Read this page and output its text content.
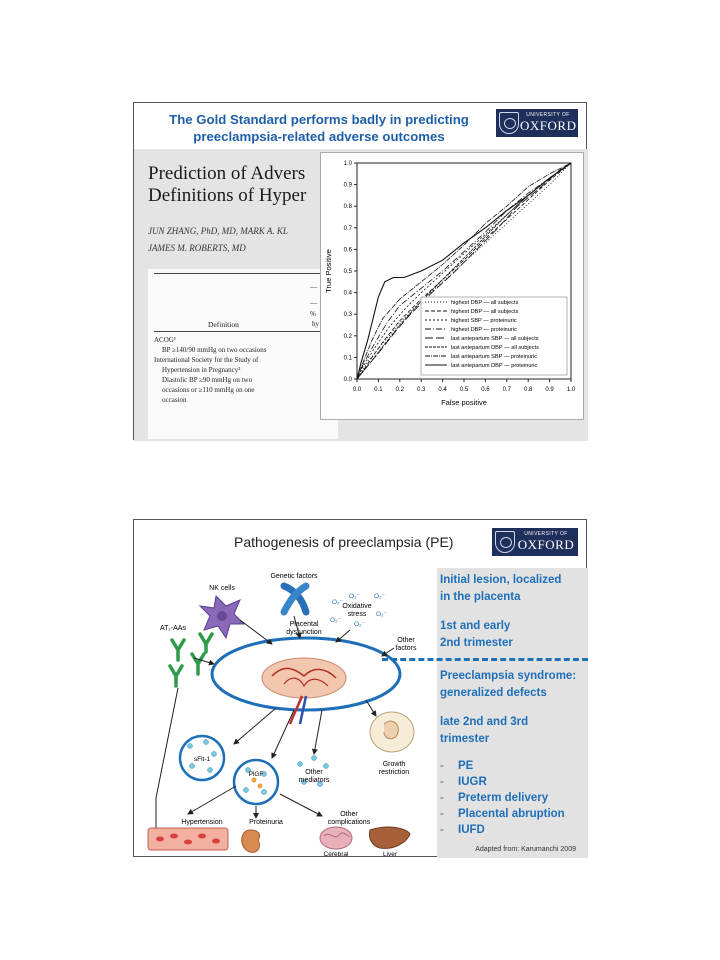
The Gold Standard performs badly in predicting
preeclampsia-related adverse outcomes
UNIVERSITY OF
OXFORD
Prediction of Advers
Definitions of Hyper
JUN ZHANG, PhD, MD, MARK A. KL
JAMES M. ROBERTS, MD
—
—
%
hy
Definition
ACOG¹
BP ≥140/90 mmHg on two occasions
International Society for the Study of
Hypertension in Pregnancy²
Diastolic BP ≥90 mmHg on two
occasions or ≥110 mmHg on one
occasion
0.0 0.1 0.2 0.3 0.4 0.5 0.6 0.7 0.8 0.9 1.0
0.0
0.1
0.2
0.3
0.4
0.5
0.6
0.7
0.8
0.9
1.0
False positive
True Positive
highest DBP — all subjects
highest DBP — all subjects
highest SBP — proteinuric
highest DBP — proteinuric
last antepartum SBP — all subjects
last antepartum DBP — all subjects
last antepartum SBP — proteinuric
last antepartum DBP — proteinuric
Pathogenesis of preeclampsia (PE)	UNIVERSITY OF
OXFORD
Genetic factors
NK cells
O₂⁻ O₂⁻
O₂⁻
O₂⁻
O₂⁻
O₂⁻
Oxidative
stress
AT₁-AAs
Placental
dysfunction
Other
factors
Growth
restriction
sFlt-1
PlGF	Other
mediators
Hypertension	Proteinuria
Other
complications
Cerebral	Liver
Initial lesion, localized
in the placenta
1st and early
2nd trimester
Preeclampsia syndrome:
generalized defects
late 2nd and 3rd
trimester
- PE
- IUGR
- Preterm delivery
- Placental abruption
- IUFD
Adapted from: Karumanchi 2009
